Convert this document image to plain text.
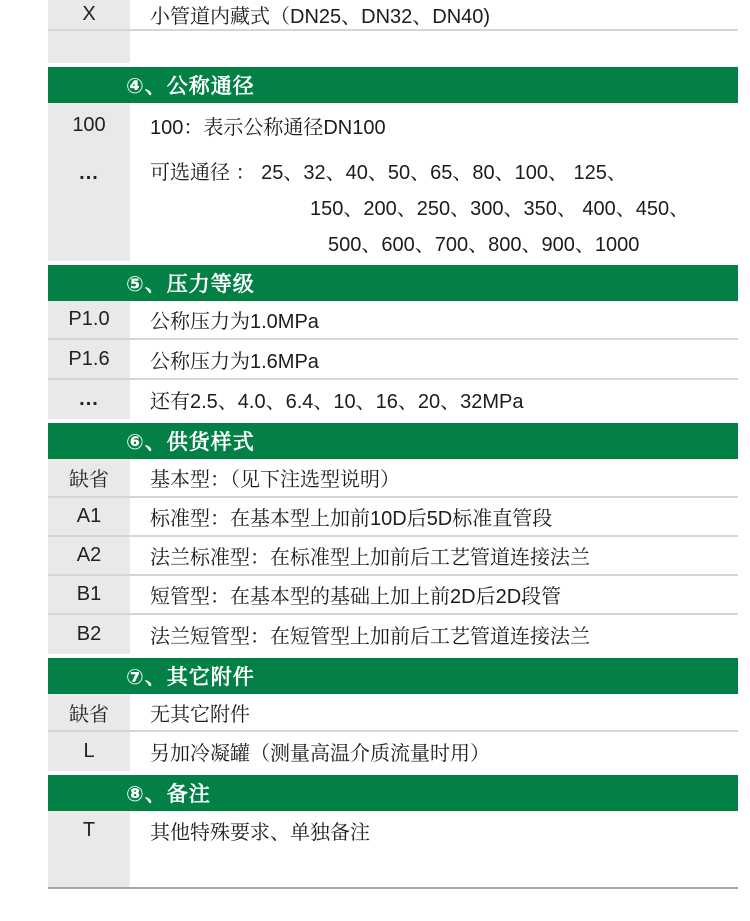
X	小管道内藏式（DN25、DN32、DN40)
④、公称通径
100	100：表示公称通径DN100
...	可选通径 ： 25、32、40、50、65、80、100、 125、
150、200、250、300、350、 400、450、
500、600、700、800、900、1000
⑤、压力等级
P1.0	公称压力为1.0MPa
P1.6	公称压力为1.6MPa
...	还有2.5、4.0、6.4、10、16、20、32MPa
⑥、供货样式
缺省	基本型：（见下注选型说明）
A1	标准型：在基本型上加前10D后5D标准直管段
A2	法兰标准型：在标准型上加前后工艺管道连接法兰
B1	短管型：在基本型的基础上加上前2D后2D段管
B2	法兰短管型：在短管型上加前后工艺管道连接法兰
⑦、其它附件
缺省	无其它附件
L	另加冷凝罐（测量高温介质流量时用）
⑧、备注
T	其他特殊要求、单独备注
